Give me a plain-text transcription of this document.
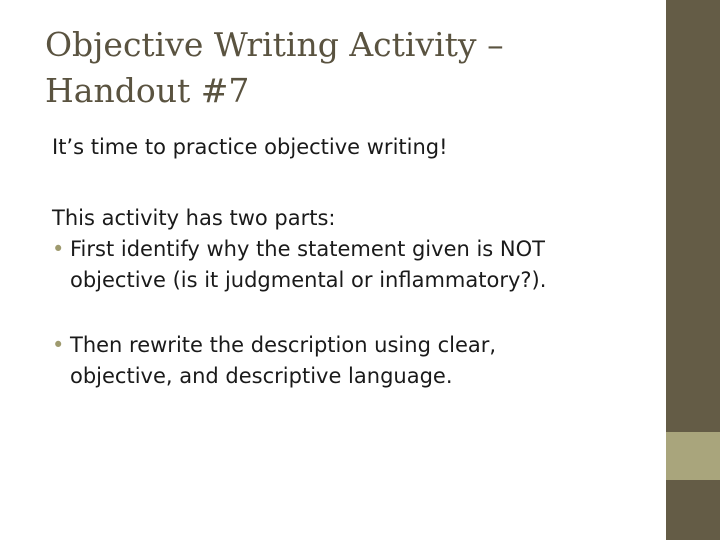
Objective Writing Activity –
Handout #7

It’s time to practice objective writing!

This activity has two parts:

• First identify why the statement given is NOT
objective (is it judgmental or inflammatory?).
• Then rewrite the description using clear,
objective, and descriptive language.
